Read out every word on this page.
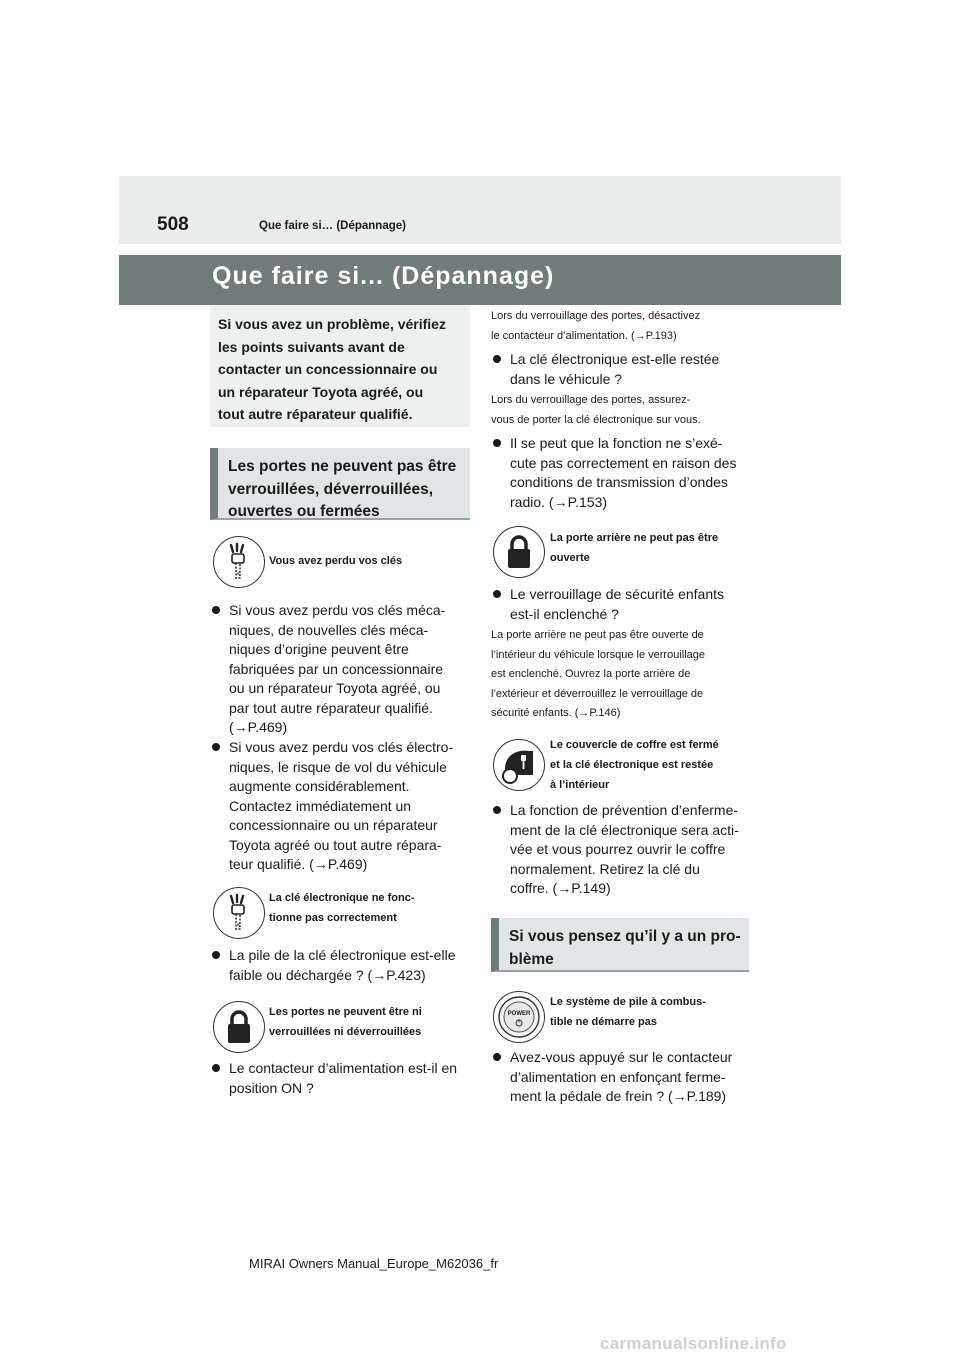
508	Que faire si… (Dépannage)
Que faire si... (Dépannage)
Si vous avez un problème, vérifiez
les points suivants avant de
contacter un concessionnaire ou
un réparateur Toyota agréé, ou
tout autre réparateur qualifié.
Les portes ne peuvent pas être
verrouillées, déverrouillées,
ouvertes ou fermées
Vous avez perdu vos clés
Si vous avez perdu vos clés méca-
niques, de nouvelles clés méca-
niques d’origine peuvent être
fabriquées par un concessionnaire
ou un réparateur Toyota agréé, ou
par tout autre réparateur qualifié.
(→P.469)
Si vous avez perdu vos clés électro-
niques, le risque de vol du véhicule
augmente considérablement.
Contactez immédiatement un
concessionnaire ou un réparateur
Toyota agréé ou tout autre répara-
teur qualifié. (→P.469)
La clé électronique ne fonc-
tionne pas correctement
La pile de la clé électronique est-elle
faible ou déchargée ? (→P.423)
Les portes ne peuvent être ni
verrouillées ni déverrouillées
Le contacteur d’alimentation est-il en
position ON ?
Lors du verrouillage des portes, désactivez
le contacteur d’alimentation. (→P.193)
La clé électronique est-elle restée
dans le véhicule ?
Lors du verrouillage des portes, assurez-
vous de porter la clé électronique sur vous.
Il se peut que la fonction ne s’exé-
cute pas correctement en raison des
conditions de transmission d’ondes
radio. (→P.153)
La porte arrière ne peut pas être
ouverte
Le verrouillage de sécurité enfants
est-il enclenché ?
La porte arrière ne peut pas être ouverte de
l’intérieur du véhicule lorsque le verrouillage
est enclenché. Ouvrez la porte arrière de
l’extérieur et déverrouillez le verrouillage de
sécurité enfants. (→P.146)
Le couvercle de coffre est fermé
et la clé électronique est restée
à l’intérieur
La fonction de prévention d’enferme-
ment de la clé électronique sera acti-
vée et vous pourrez ouvrir le coffre
normalement. Retirez la clé du
coffre. (→P.149)
Si vous pensez qu’il y a un pro-
blème
POWER
Le système de pile à combus-
tible ne démarre pas
Avez-vous appuyé sur le contacteur
d’alimentation en enfonçant ferme-
ment la pédale de frein ? (→P.189)
MIRAI Owners Manual_Europe_M62036_fr
carmanualsonline.info
